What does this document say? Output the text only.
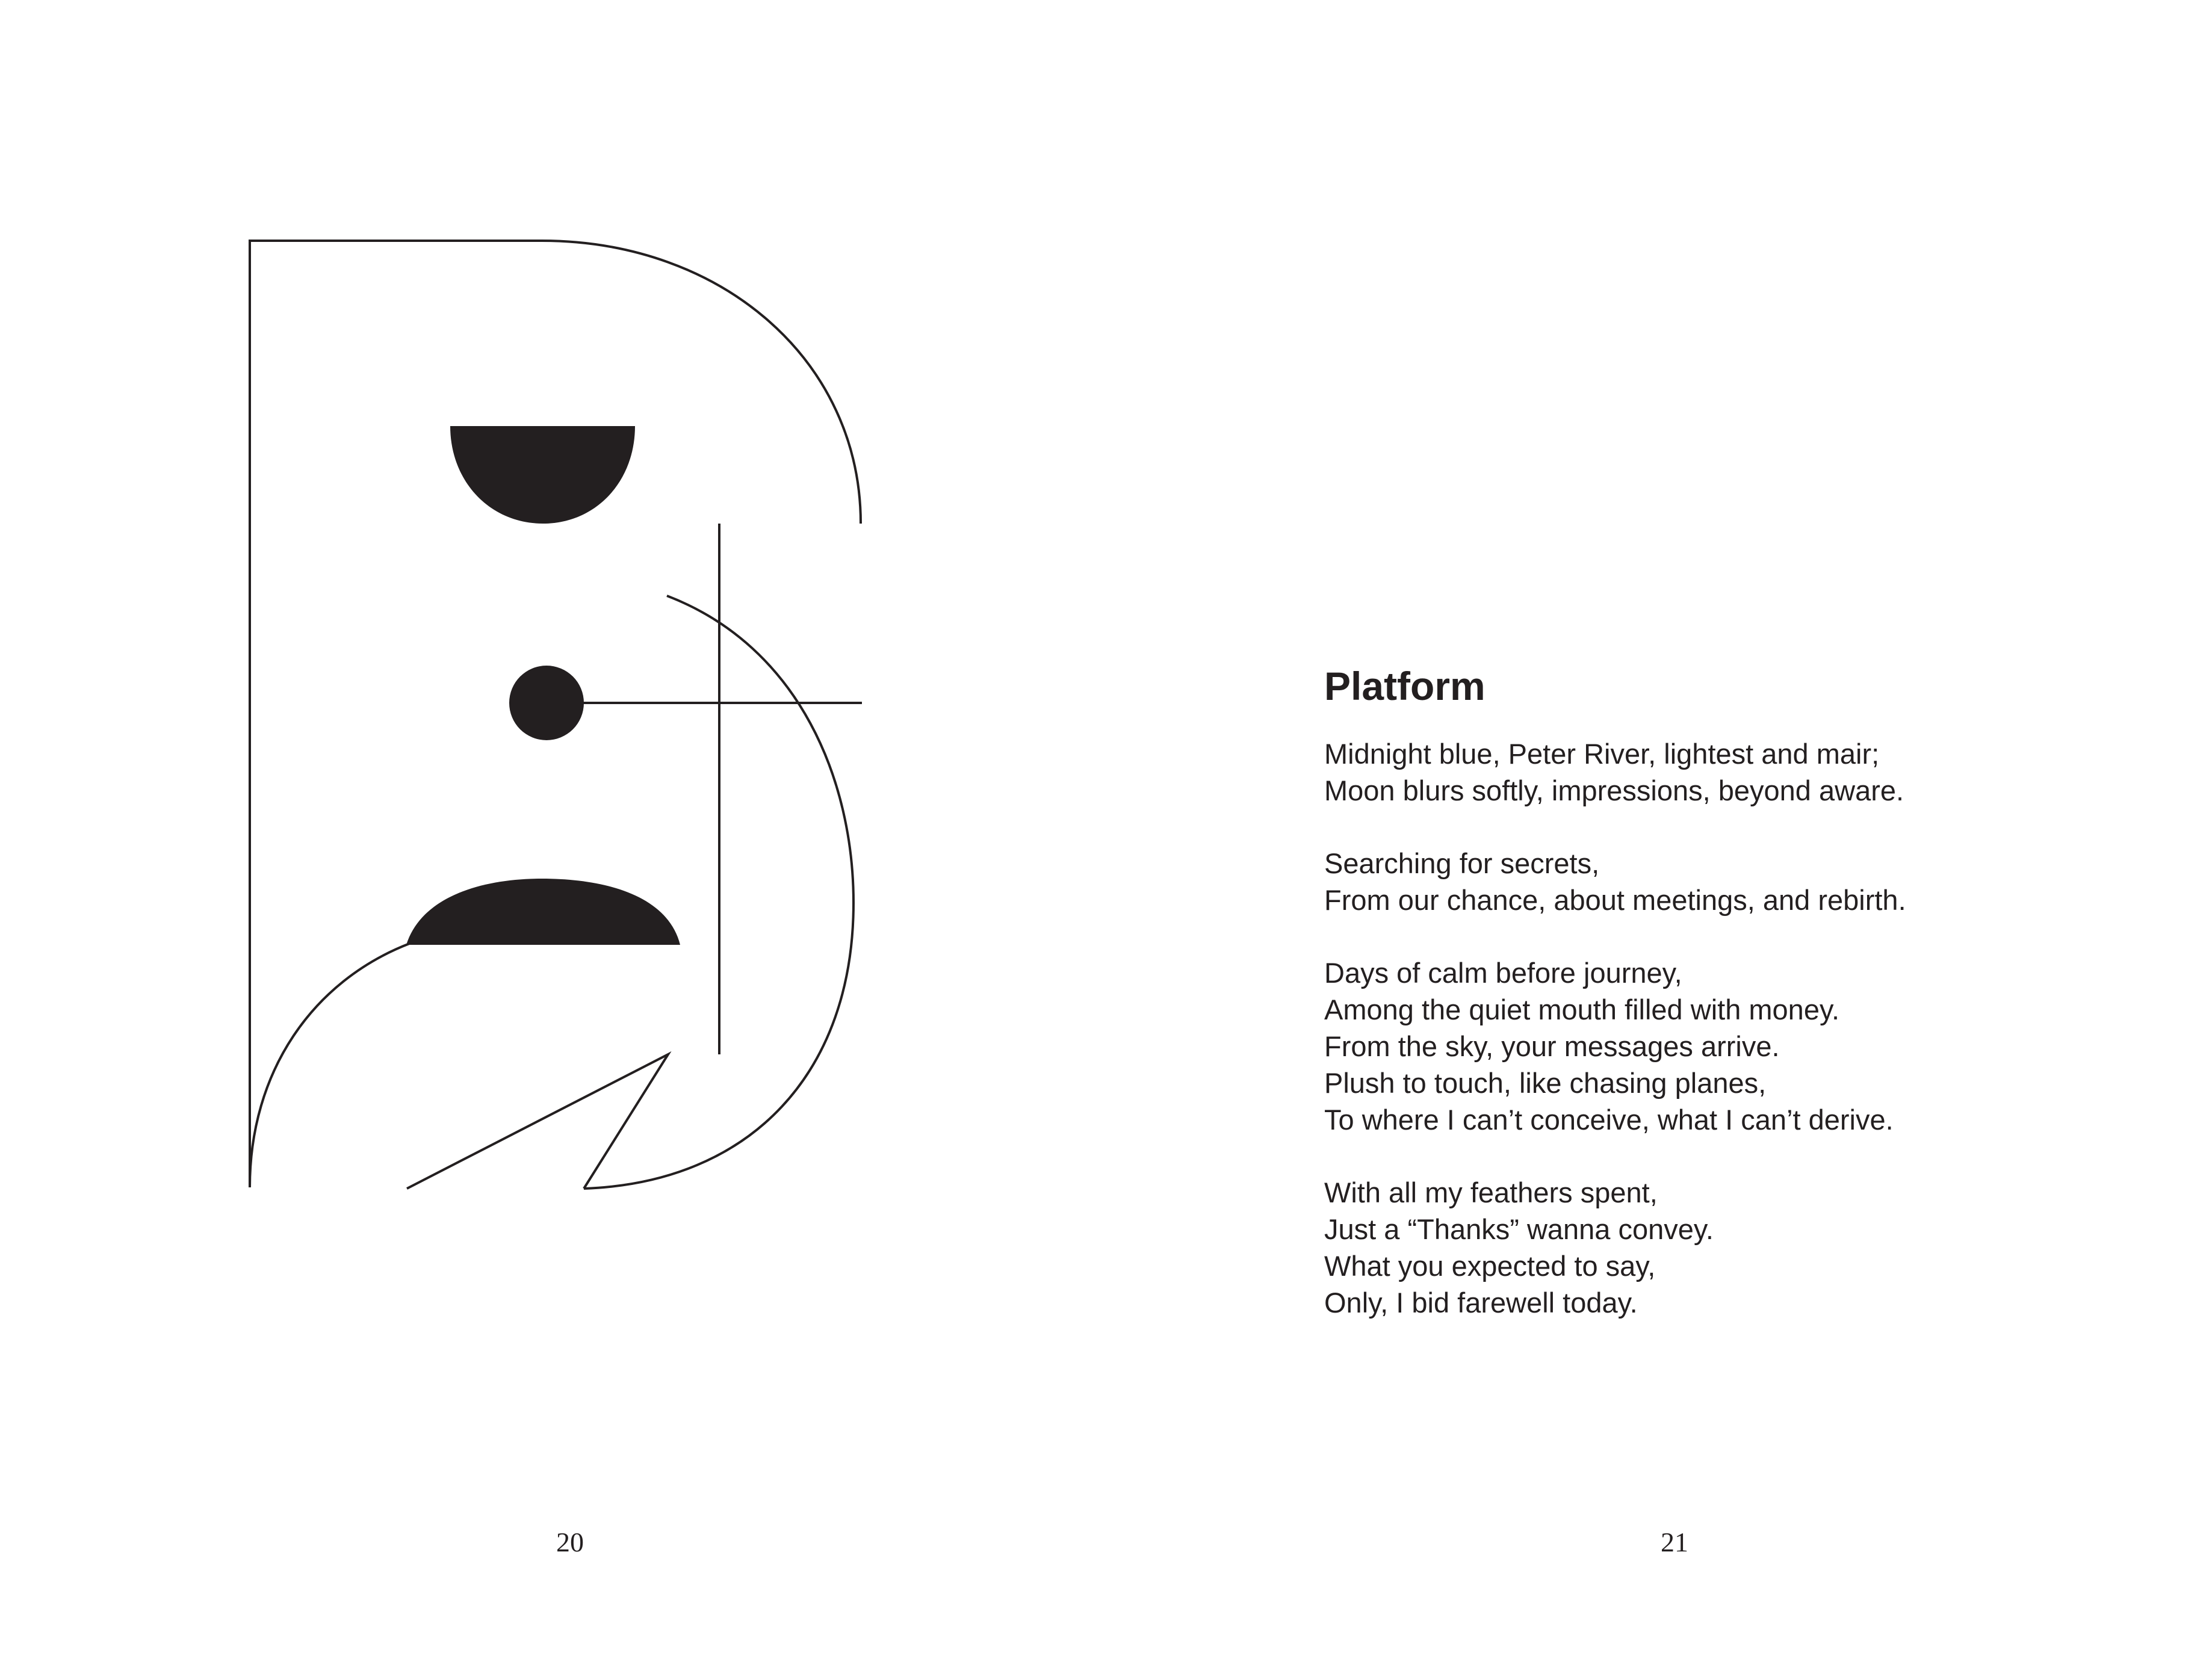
20
Platform
Midnight blue, Peter River, lightest and mair;
Moon blurs softly, impressions, beyond aware.
Searching for secrets,
From our chance, about meetings, and rebirth.
Days of calm before journey,
Among the quiet mouth filled with money.
From the sky, your messages arrive.
Plush to touch, like chasing planes,
To where I can’t conceive, what I can’t derive.
With all my feathers spent,
Just a “Thanks” wanna convey.
What you expected to say,
Only, I bid farewell today.
21
